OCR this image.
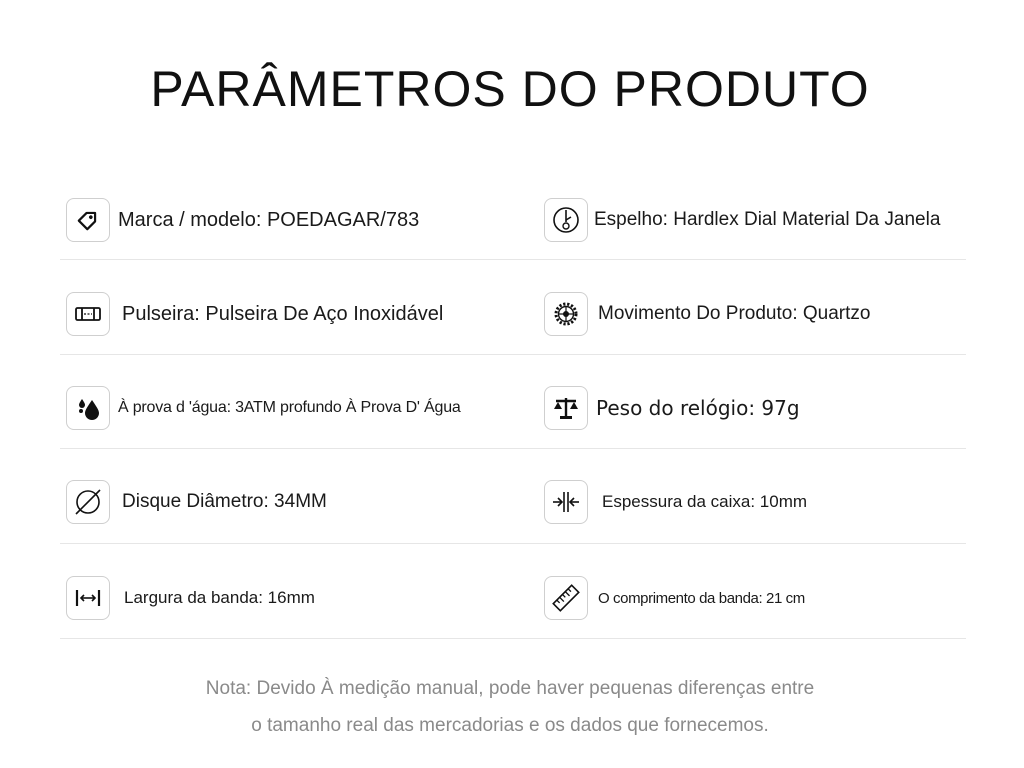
PARÂMETROS DO PRODUTO
Marca / modelo: POEDAGAR/783	Espelho: Hardlex Dial Material Da Janela
Pulseira: Pulseira De Aço Inoxidável	Movimento Do Produto: Quartzo
À prova d 'água: 3ATM profundo À Prova D' Água	Peso do relógio: 97g
Disque Diâmetro: 34MM	Espessura da caixa: 10mm
Largura da banda: 16mm	O comprimento da banda: 21 cm
Nota: Devido À medição manual, pode haver pequenas diferenças entre
o tamanho real das mercadorias e os dados que fornecemos.
